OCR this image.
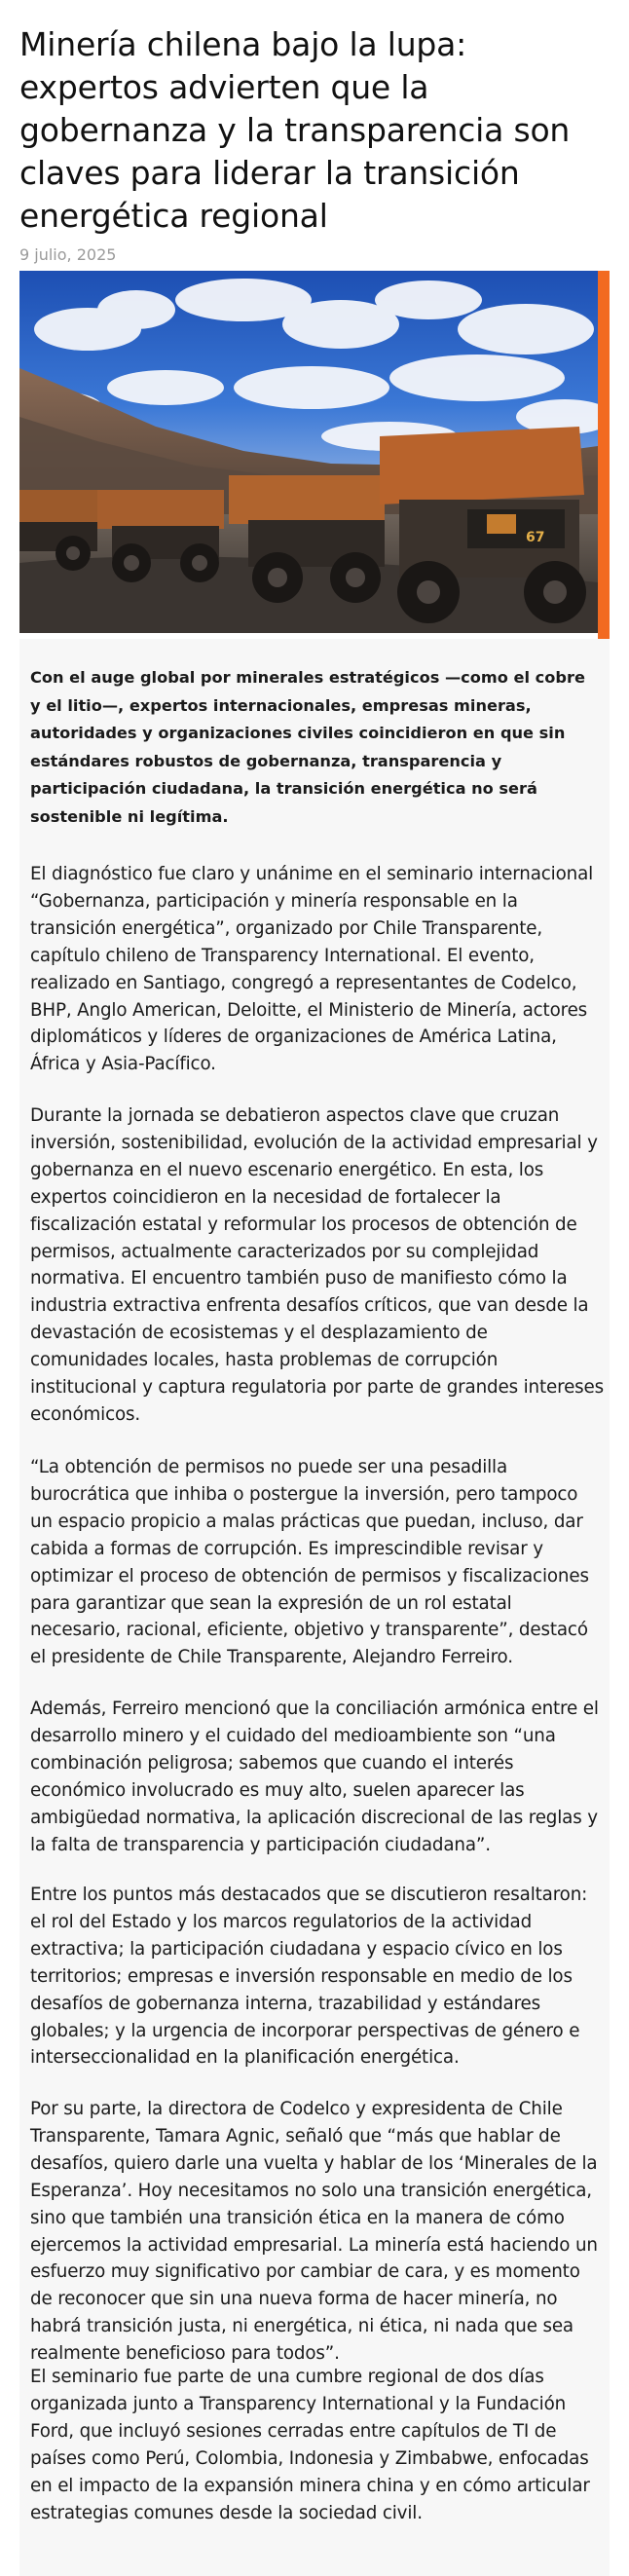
Minería chilena bajo la lupa: expertos advierten que la gobernanza y la transparencia son claves para liderar la transición energética regional
9 julio, 2025
67

Con el auge global por minerales estratégicos —como el cobre y el litio—, expertos internacionales, empresas mineras, autoridades y organizaciones civiles coincidieron en que sin estándares robustos de gobernanza, transparencia y participación ciudadana, la transición energética no será sostenible ni legítima.

El diagnóstico fue claro y unánime en el seminario internacional “Gobernanza, participación y minería responsable en la transición energética”, organizado por Chile Transparente, capítulo chileno de Transparency International. El evento, realizado en Santiago, congregó a representantes de Codelco, BHP, Anglo American, Deloitte, el Ministerio de Minería, actores diplomáticos y líderes de organizaciones de América Latina, África y Asia-Pacífico.

Durante la jornada se debatieron aspectos clave que cruzan inversión, sostenibilidad, evolución de la actividad empresarial y gobernanza en el nuevo escenario energético. En esta, los expertos coincidieron en la necesidad de fortalecer la fiscalización estatal y reformular los procesos de obtención de permisos, actualmente caracterizados por su complejidad normativa. El encuentro también puso de manifiesto cómo la industria extractiva enfrenta desafíos críticos, que van desde la devastación de ecosistemas y el desplazamiento de comunidades locales, hasta problemas de corrupción institucional y captura regulatoria por parte de grandes intereses económicos.

“La obtención de permisos no puede ser una pesadilla burocrática que inhiba o postergue la inversión, pero tampoco un espacio propicio a malas prácticas que puedan, incluso, dar cabida a formas de corrupción. Es imprescindible revisar y optimizar el proceso de obtención de permisos y fiscalizaciones para garantizar que sean la expresión de un rol estatal necesario, racional, eficiente, objetivo y transparente”, destacó el presidente de Chile Transparente, Alejandro Ferreiro.

Además, Ferreiro mencionó que la conciliación armónica entre el desarrollo minero y el cuidado del medioambiente son “una combinación peligrosa; sabemos que cuando el interés económico involucrado es muy alto, suelen aparecer las ambigüedad normativa, la aplicación discrecional de las reglas y la falta de transparencia y participación ciudadana”.

Entre los puntos más destacados que se discutieron resaltaron: el rol del Estado y los marcos regulatorios de la actividad extractiva; la participación ciudadana y espacio cívico en los territorios; empresas e inversión responsable en medio de los desafíos de gobernanza interna, trazabilidad y estándares globales; y la urgencia de incorporar perspectivas de género e interseccionalidad en la planificación energética.

Por su parte, la directora de Codelco y expresidenta de Chile Transparente, Tamara Agnic, señaló que “más que hablar de desafíos, quiero darle una vuelta y hablar de los ‘Minerales de la Esperanza’. Hoy necesitamos no solo una transición energética, sino que también una transición ética en la manera de cómo ejercemos la actividad empresarial. La minería está haciendo un esfuerzo muy significativo por cambiar de cara, y es momento de reconocer que sin una nueva forma de hacer minería, no habrá transición justa, ni energética, ni ética, ni nada que sea realmente beneficioso para todos”.

El seminario fue parte de una cumbre regional de dos días organizada junto a Transparency International y la Fundación Ford, que incluyó sesiones cerradas entre capítulos de TI de países como Perú, Colombia, Indonesia y Zimbabwe, enfocadas en el impacto de la expansión minera china y en cómo articular estrategias comunes desde la sociedad civil.
